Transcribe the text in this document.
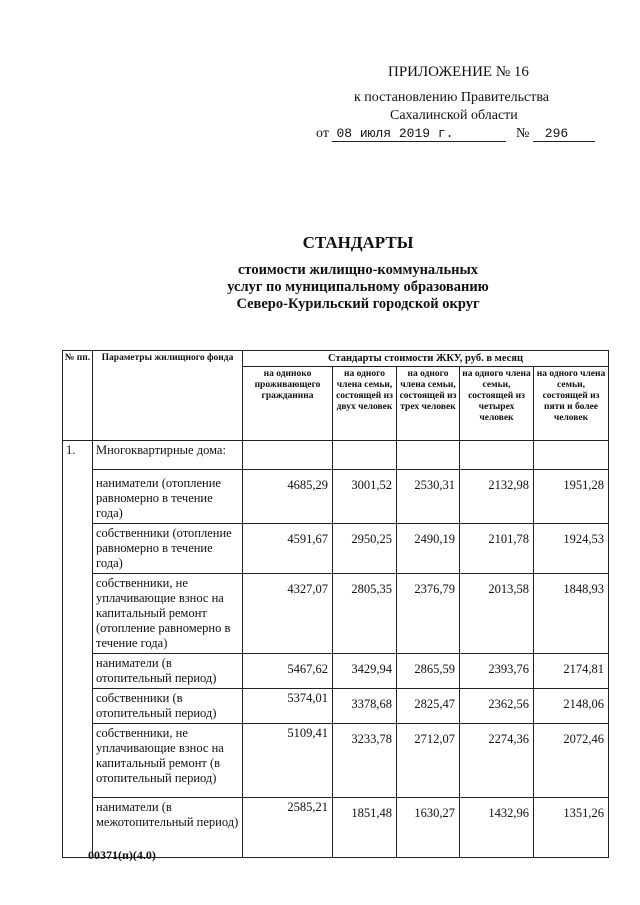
ПРИЛОЖЕНИЕ № 16
к постановлению Правительства
Сахалинской области
от 08 июля 2019 г.	№ 296
СТАНДАРТЫ
стоимости жилищно-коммунальных
услуг по муниципальному образованию
Северо-Курильский городской округ
№ пп.	Параметры жилищного фонда	Стандарты стоимости ЖКУ, руб. в месяц				
		на одиноко проживающего гражданина	на одного члена семьи, состоящей из двух человек	на одного члена семьи, состоящей из трех человек	на одного члена семьи, состоящей из четырех человек	на одного члена семьи, состоящей из пяти и более человек
1.	Многоквартирные дома:					
	наниматели (отопление равномерно в течение года)	4685,29	3001,52	2530,31	2132,98	1951,28
	собственники (отопление равномерно в течение года)	4591,67	2950,25	2490,19	2101,78	1924,53
	собственники, не уплачивающие взнос на капитальный ремонт (отопление равномерно в течение года)	4327,07	2805,35	2376,79	2013,58	1848,93
	наниматели (в отопительный период)	5467,62	3429,94	2865,59	2393,76	2174,81
	собственники (в отопительный период)	5374,01	3378,68	2825,47	2362,56	2148,06
	собственники, не уплачивающие взнос на капитальный ремонт (в отопительный период)	5109,41	3233,78	2712,07	2274,36	2072,46
	наниматели (в межотопительный период)	2585,21	1851,48	1630,27	1432,96	1351,26
00371(п)(4.0)
